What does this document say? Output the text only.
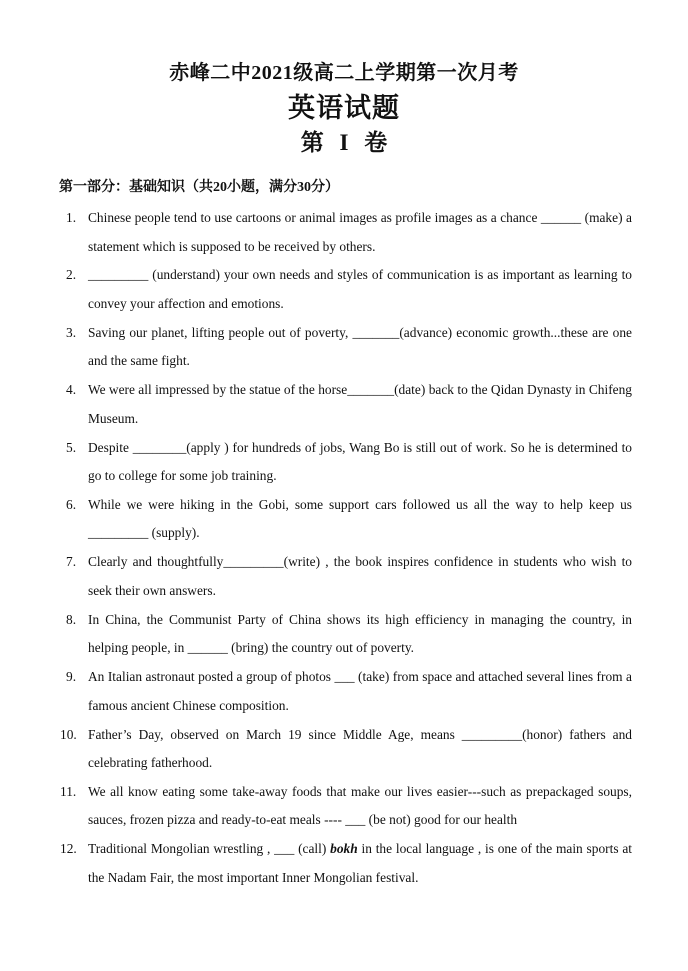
赤峰二中2021级高二上学期第一次月考
英语试题
第 I 卷
第一部分：基础知识（共20小题，满分30分）
1. Chinese people tend to use cartoons or animal images as profile images as a chance ______ (make) a statement which is supposed to be received by others.
2. _________ (understand) your own needs and styles of communication is as important as learning to convey your affection and emotions.
3. Saving our planet, lifting people out of poverty, _______(advance) economic growth...these are one and the same fight.
4. We were all impressed by the statue of the horse_______(date) back to the Qidan Dynasty in Chifeng Museum.
5. Despite ________(apply ) for hundreds of jobs, Wang Bo is still out of work. So he is determined to go to college for some job training.
6. While we were hiking in the Gobi, some support cars followed us all the way to help keep us _________ (supply).
7. Clearly and thoughtfully_________(write) , the book inspires confidence in students who wish to seek their own answers.
8. In China, the Communist Party of China shows its high efficiency in managing the country, in helping people, in ______ (bring) the country out of poverty.
9. An Italian astronaut posted a group of photos ___ (take) from space and attached several lines from a famous ancient Chinese composition.
10. Father’s Day, observed on March 19 since Middle Age, means _________(honor) fathers and celebrating fatherhood.
11. We all know eating some take-away foods that make our lives easier---such as prepackaged soups, sauces, frozen pizza and ready-to-eat meals ---- ___ (be not) good for our health
12. Traditional Mongolian wrestling , ___ (call) bokh in the local language , is one of the main sports at the Nadam Fair, the most important Inner Mongolian festival.
